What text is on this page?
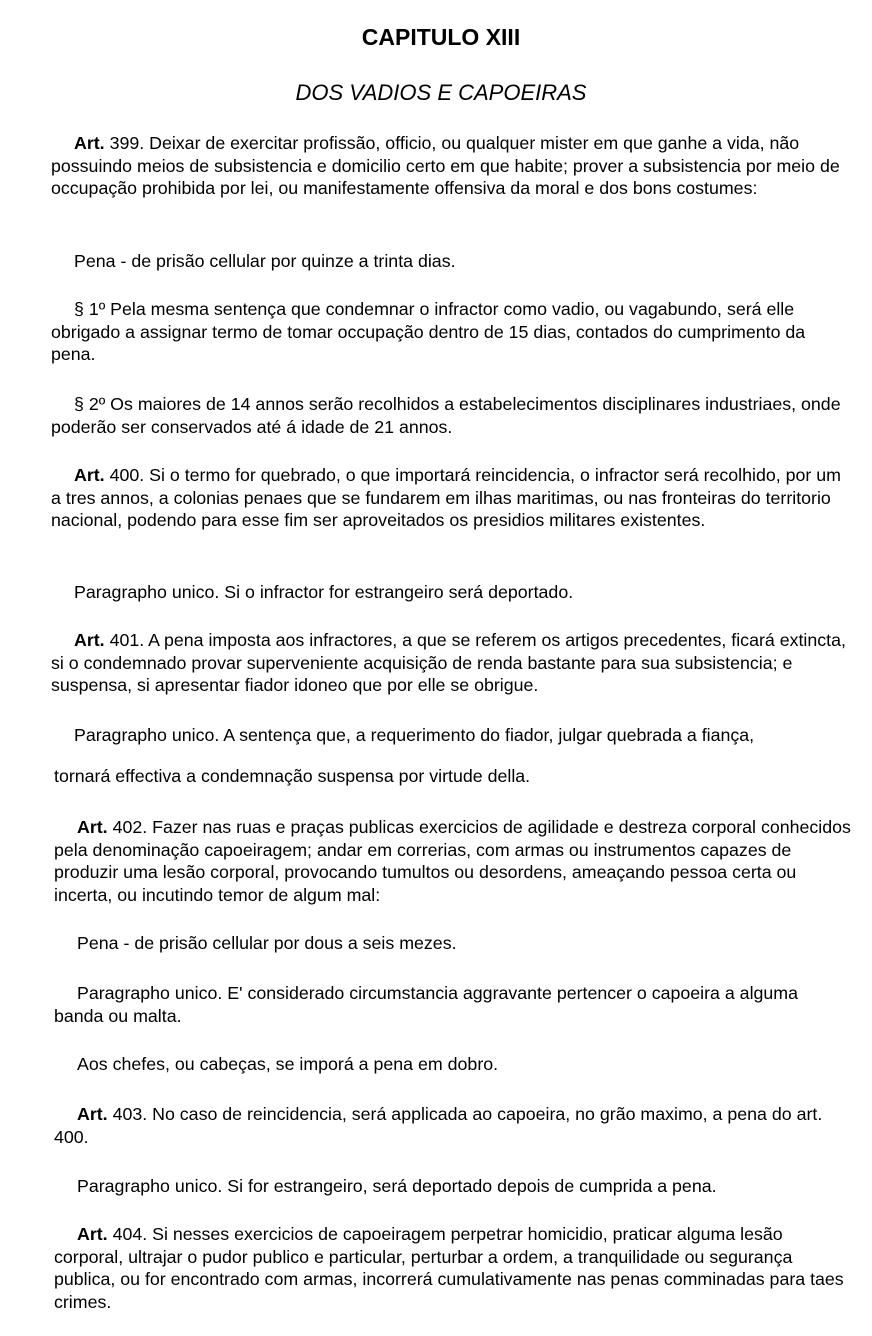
CAPITULO XIII
DOS VADIOS E CAPOEIRAS

Art. 399. Deixar de exercitar profissão, officio, ou qualquer mister em que ganhe a vida, não possuindo meios de subsistencia e domicilio certo em que habite; prover a subsistencia por meio de occupação prohibida por lei, ou manifestamente offensiva da moral e dos bons costumes:

Pena - de prisão cellular por quinze a trinta dias.

§ 1º Pela mesma sentença que condemnar o infractor como vadio, ou vagabundo, será elle obrigado a assignar termo de tomar occupação dentro de 15 dias, contados do cumprimento da pena.

§ 2º Os maiores de 14 annos serão recolhidos a estabelecimentos disciplinares industriaes, onde poderão ser conservados até á idade de 21 annos.

Art. 400. Si o termo for quebrado, o que importará reincidencia, o infractor será recolhido, por um a tres annos, a colonias penaes que se fundarem em ilhas maritimas, ou nas fronteiras do territorio nacional, podendo para esse fim ser aproveitados os presidios militares existentes.

Paragrapho unico. Si o infractor for estrangeiro será deportado.

Art. 401. A pena imposta aos infractores, a que se referem os artigos precedentes, ficará extincta, si o condemnado provar superveniente acquisição de renda bastante para sua subsistencia; e suspensa, si apresentar fiador idoneo que por elle se obrigue.

Paragrapho unico. A sentença que, a requerimento do fiador, julgar quebrada a fiança,

tornará effectiva a condemnação suspensa por virtude della.

Art. 402. Fazer nas ruas e praças publicas exercicios de agilidade e destreza corporal conhecidos pela denominação capoeiragem; andar em correrias, com armas ou instrumentos capazes de produzir uma lesão corporal, provocando tumultos ou desordens, ameaçando pessoa certa ou incerta, ou incutindo temor de algum mal:

Pena - de prisão cellular por dous a seis mezes.

Paragrapho unico. E' considerado circumstancia aggravante pertencer o capoeira a alguma banda ou malta.

Aos chefes, ou cabeças, se imporá a pena em dobro.

Art. 403. No caso de reincidencia, será applicada ao capoeira, no grão maximo, a pena do art. 400.

Paragrapho unico. Si for estrangeiro, será deportado depois de cumprida a pena.

Art. 404. Si nesses exercicios de capoeiragem perpetrar homicidio, praticar alguma lesão corporal, ultrajar o pudor publico e particular, perturbar a ordem, a tranquilidade ou segurança publica, ou for encontrado com armas, incorrerá cumulativamente nas penas comminadas para taes crimes.
